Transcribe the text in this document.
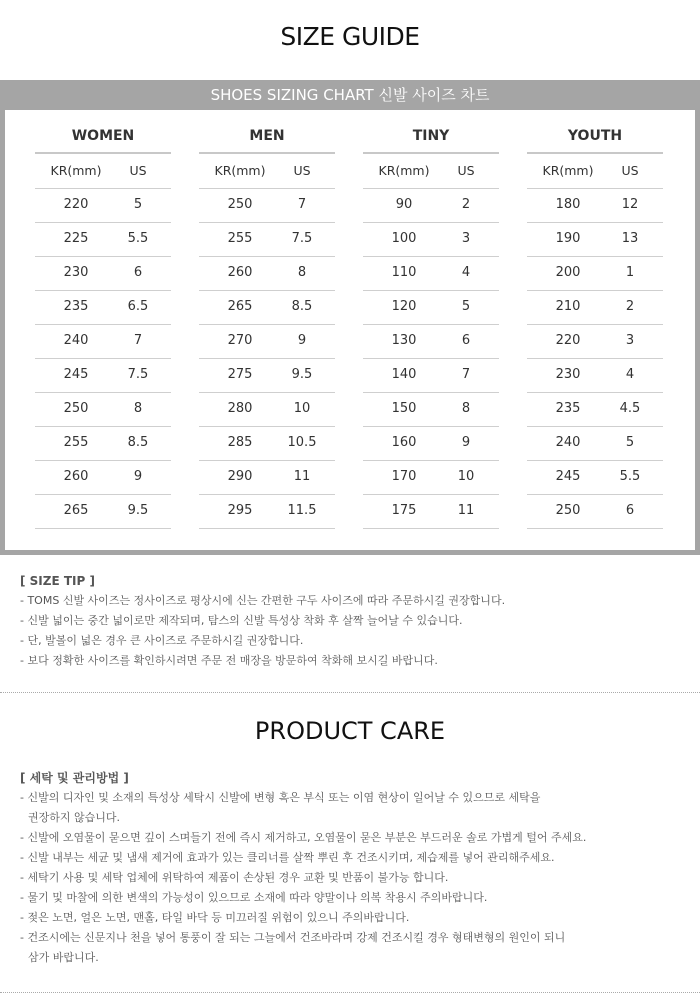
SIZE GUIDE
SHOES SIZING CHART 신발 사이즈 차트
WOMEN
KR(mm)	US
220	5
225	5.5
230	6
235	6.5
240	7
245	7.5
250	8
255	8.5
260	9
265	9.5
MEN
KR(mm)	US
250	7
255	7.5
260	8
265	8.5
270	9
275	9.5
280	10
285	10.5
290	11
295	11.5
TINY
KR(mm)	US
90	2
100	3
110	4
120	5
130	6
140	7
150	8
160	9
170	10
175	11
YOUTH
KR(mm)	US
180	12
190	13
200	1
210	2
220	3
230	4
235	4.5
240	5
245	5.5
250	6
[ SIZE TIP ]
- TOMS 신발 사이즈는 정사이즈로 평상시에 신는 간편한 구두 사이즈에 따라 주문하시길 권장합니다.
- 신발 넓이는 중간 넓이로만 제작되며, 탐스의 신발 특성상 착화 후 살짝 늘어날 수 있습니다.
- 단, 발볼이 넓은 경우 큰 사이즈로 주문하시길 권장합니다.
- 보다 정확한 사이즈를 확인하시려면 주문 전 매장을 방문하여 착화해 보시길 바랍니다.
PRODUCT CARE
[ 세탁 및 관리방법 ]
- 신발의 디자인 및 소재의 특성상 세탁시 신발에 변형 혹은 부식 또는 이염 현상이 일어날 수 있으므로 세탁을
권장하지 않습니다.
- 신발에 오염물이 묻으면 깊이 스며들기 전에 즉시 제거하고, 오염물이 묻은 부분은 부드러운 솔로 가볍게 털어 주세요.
- 신발 내부는 세균 및 냄새 제거에 효과가 있는 클리너를 살짝 뿌린 후 건조시키며, 제습제를 넣어 관리해주세요.
- 세탁기 사용 및 세탁 업체에 위탁하여 제품이 손상된 경우 교환 및 반품이 불가능 합니다.
- 물기 및 마찰에 의한 변색의 가능성이 있으므로 소재에 따라 양말이나 의복 착용시 주의바랍니다.
- 젖은 노면, 얼은 노면, 맨홀, 타일 바닥 등 미끄러질 위험이 있으니 주의바랍니다.
- 건조시에는 신문지나 천을 넣어 통풍이 잘 되는 그늘에서 건조바라며 강제 건조시킬 경우 형태변형의 원인이 되니
삼가 바랍니다.
